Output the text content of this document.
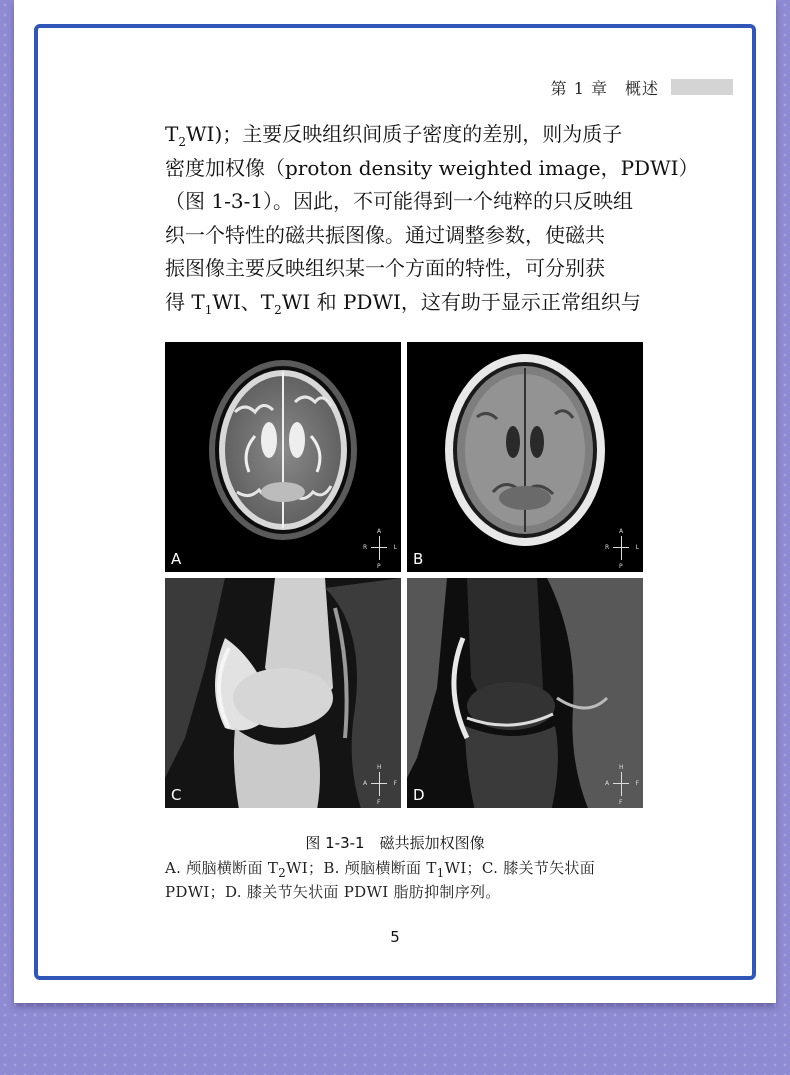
第 1 章　概述

$T_2WI$)；主要反映组织间质子密度的差别，则为质子

密度加权像（proton density weighted image，PDWI）

（图 1-3-1）。因此，不可能得到一个纯粹的只反映组

织一个特性的磁共振图像。通过调整参数，使磁共

振图像主要反映组织某一个方面的特性，可分别获

得 $T_1WI$、$T_2WI$ 和 PDWI，这有助于显示正常组织与

A
A
R	L
P B
A
R	L
P
C
H
A	F
F D
H
A	F
F
图 1-3-1　磁共振加权图像

A. 颅脑横断面 $T_2WI$；B. 颅脑横断面 $T_1WI$；C. 膝关节矢状面

PDWI；D. 膝关节矢状面 PDWI 脂肪抑制序列。

5
